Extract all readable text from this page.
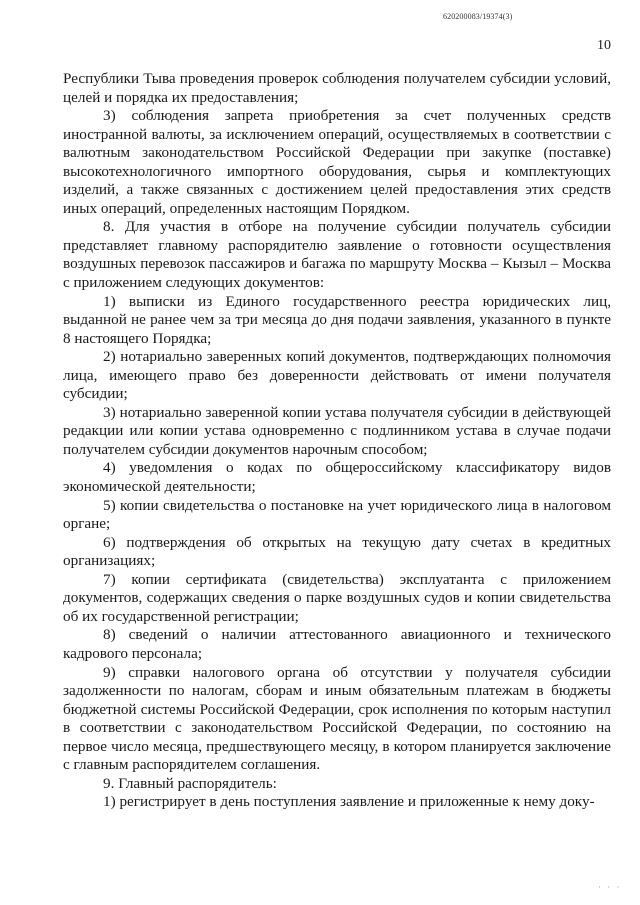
620200083/19374(3)
10

Республики Тыва проведения проверок соблюдения получателем субсидии условий, целей и порядка их предоставления;

3) соблюдения запрета приобретения за счет полученных средств иностранной валюты, за исключением операций, осуществляемых в соответствии с валютным законодательством Российской Федерации при закупке (поставке) высокотехнологичного импортного оборудования, сырья и комплектующих изделий, а также связанных с достижением целей предоставления этих средств иных операций, определенных настоящим Порядком.

8. Для участия в отборе на получение субсидии получатель субсидии представляет главному распорядителю заявление о готовности осуществления воздушных перевозок пассажиров и багажа по маршруту Москва – Кызыл – Москва с приложением следующих документов:

1) выписки из Единого государственного реестра юридических лиц, выданной не ранее чем за три месяца до дня подачи заявления, указанного в пункте 8 настоящего Порядка;

2) нотариально заверенных копий документов, подтверждающих полномочия лица, имеющего право без доверенности действовать от имени получателя субсидии;

3) нотариально заверенной копии устава получателя субсидии в действующей редакции или копии устава одновременно с подлинником устава в случае подачи получателем субсидии документов нарочным способом;

4) уведомления о кодах по общероссийскому классификатору видов экономической деятельности;

5) копии свидетельства о постановке на учет юридического лица в налоговом органе;

6) подтверждения об открытых на текущую дату счетах в кредитных организациях;

7) копии сертификата (свидетельства) эксплуатанта с приложением документов, содержащих сведения о парке воздушных судов и копии свидетельства об их государственной регистрации;

8) сведений о наличии аттестованного авиационного и технического кадрового персонала;

9) справки налогового органа об отсутствии у получателя субсидии задолженности по налогам, сборам и иным обязательным платежам в бюджеты бюджетной системы Российской Федерации, срок исполнения по которым наступил в соответствии с законодательством Российской Федерации, по состоянию на первое число месяца, предшествующего месяцу, в котором планируется заключение с главным распорядителем соглашения.

9. Главный распорядитель:

1) регистрирует в день поступления заявление и приложенные к нему доку-

· · ·
